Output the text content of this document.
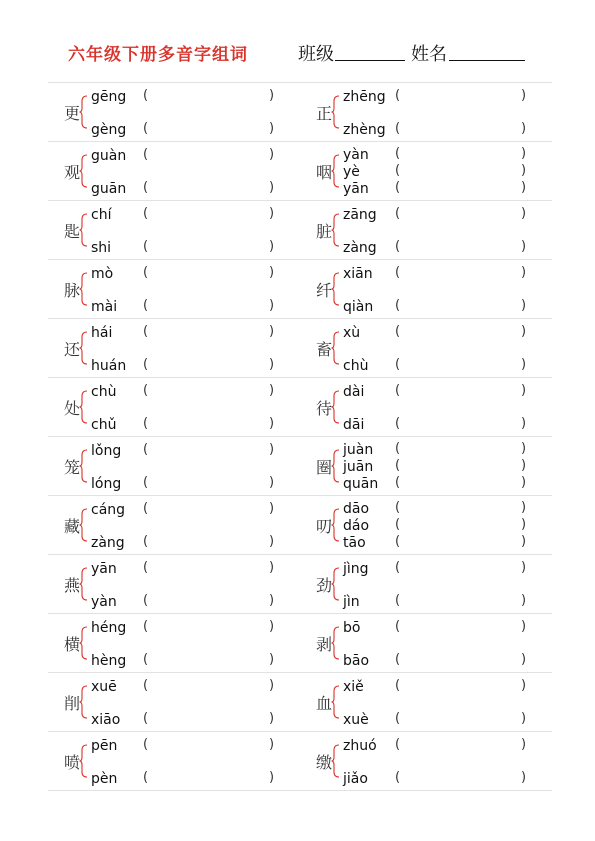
六年级下册多音字组词	班级	姓名
更
gēng (	)
gèng (	)
正
zhēng (	)
zhèng (	)
观
guàn (	)
guān (	)
咽
yàn (	)
yè	(	)
yān (	)
匙
chí (	)
shi (	)
脏
zāng (	)
zàng (	)
脉
mò (	)
mài (	)
纤
xiān (	)
qiàn (	)
还
hái (	)
huán (	)
畜
xù	(	)
chù (	)
处
chù (	)
chǔ (	)
待
dài (	)
dāi (	)
笼
lǒng (	)
lóng (	)
圈
juàn (	)
juān (	)
quān (	)
藏
cáng (	)
zàng (	)
叨
dāo (	)
dáo (	)
tāo (	)
燕
yān (	)
yàn (	)
劲
jìng (	)
jìn	(	)
横
héng (	)
hèng (	)
剥
bō	(	)
bāo (	)
削
xuē (	)
xiāo (	)
血
xiě (	)
xuè (	)
喷
pēn (	)
pèn (	)
缴
zhuó (	)
jiǎo (	)
